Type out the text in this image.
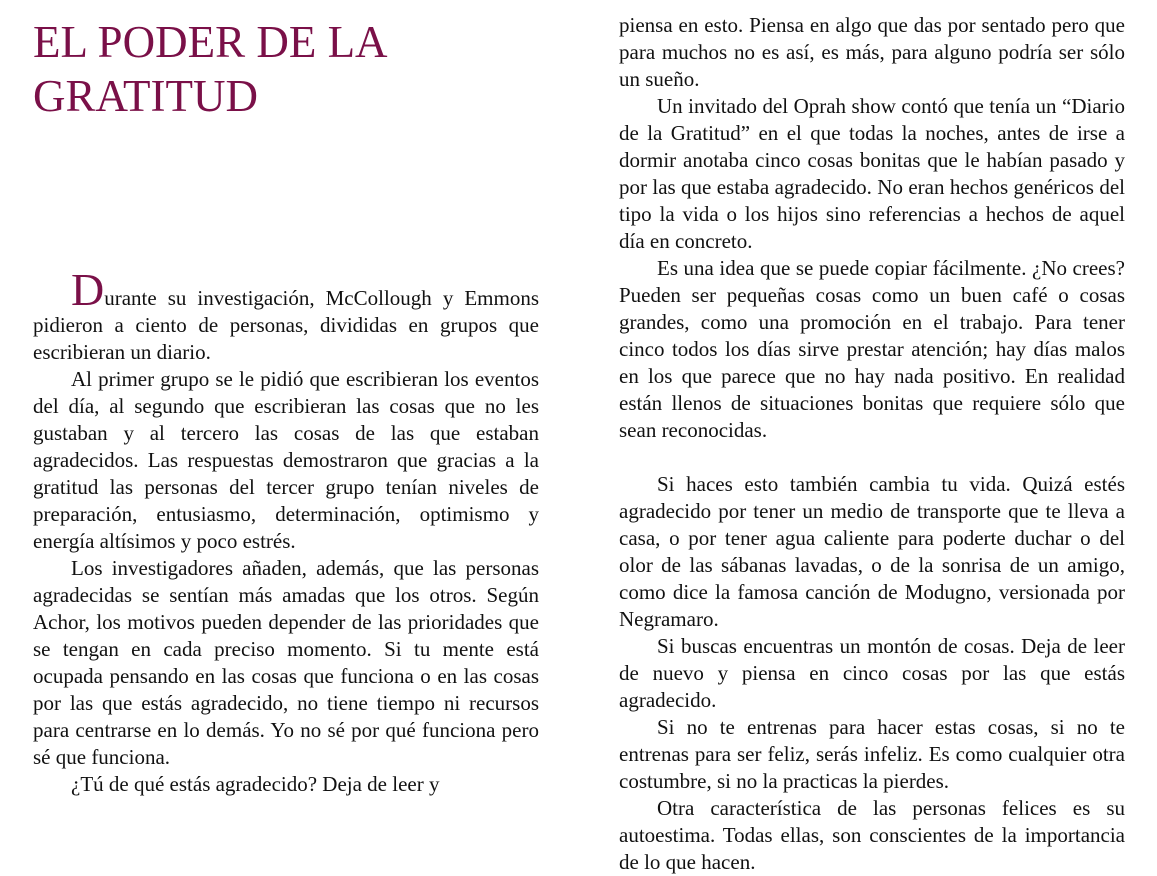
EL PODER DE LA GRATITUD

Durante su investigación, McCollough y Emmons pidieron a ciento de personas, divididas en grupos que escribieran un diario.

Al primer grupo se le pidió que escribieran los eventos del día, al segundo que escribieran las cosas que no les gustaban y al tercero las cosas de las que estaban agradecidos. Las respuestas demostraron que gracias a la gratitud las personas del tercer grupo tenían niveles de preparación, entusiasmo, determinación, optimismo y energía altísimos y poco estrés.

Los investigadores añaden, además, que las personas agradecidas se sentían más amadas que los otros. Según Achor, los motivos pueden depender de las prioridades que se tengan en cada preciso momento. Si tu mente está ocupada pensando en las cosas que funciona o en las cosas por las que estás agradecido, no tiene tiempo ni recursos para centrarse en lo demás. Yo no sé por qué funciona pero sé que funciona.

¿Tú de qué estás agradecido? Deja de leer y

piensa en esto. Piensa en algo que das por sentado pero que para muchos no es así, es más, para alguno podría ser sólo un sueño.

Un invitado del Oprah show contó que tenía un “Diario de la Gratitud” en el que todas la noches, antes de irse a dormir anotaba cinco cosas bonitas que le habían pasado y por las que estaba agradecido. No eran hechos genéricos del tipo la vida o los hijos sino referencias a hechos de aquel día en concreto.

Es una idea que se puede copiar fácilmente. ¿No crees? Pueden ser pequeñas cosas como un buen café o cosas grandes, como una promoción en el trabajo. Para tener cinco todos los días sirve prestar atención; hay días malos en los que parece que no hay nada positivo. En realidad están llenos de situaciones bonitas que requiere sólo que sean reconocidas.

Si haces esto también cambia tu vida. Quizá estés agradecido por tener un medio de transporte que te lleva a casa, o por tener agua caliente para poderte duchar o del olor de las sábanas lavadas, o de la sonrisa de un amigo, como dice la famosa canción de Modugno, versionada por Negramaro.

Si buscas encuentras un montón de cosas. Deja de leer de nuevo y piensa en cinco cosas por las que estás agradecido.

Si no te entrenas para hacer estas cosas, si no te entrenas para ser feliz, serás infeliz. Es como cualquier otra costumbre, si no la practicas la pierdes.

Otra característica de las personas felices es su autoestima. Todas ellas, son conscientes de la importancia de lo que hacen.
